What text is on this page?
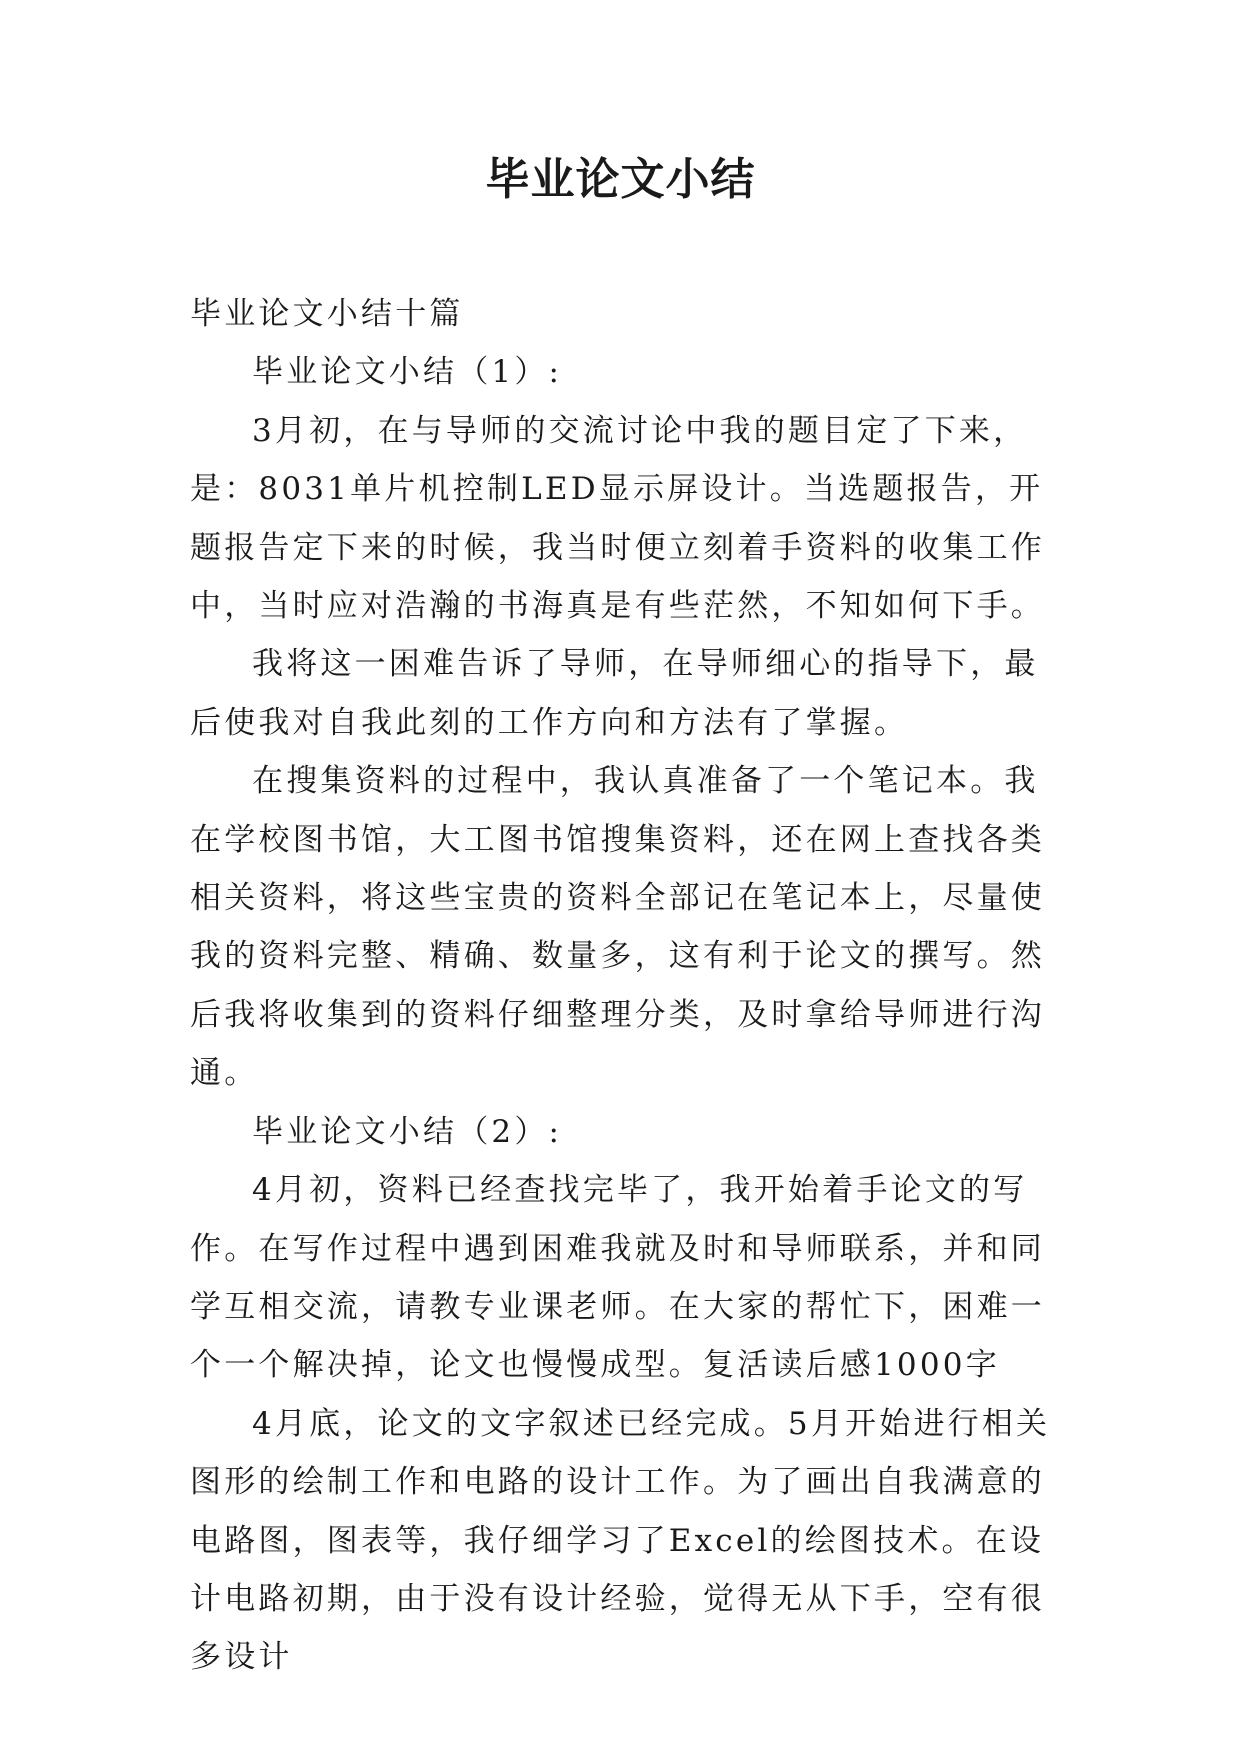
毕业论文小结

毕业论文小结十篇

毕业论文小结（1）:

3月初，在与导师的交流讨论中我的题目定了下来，是：8031单片机控制LED显示屏设计。当选题报告，开题报告定下来的时候，我当时便立刻着手资料的收集工作中，当时应对浩瀚的书海真是有些茫然，不知如何下手。

我将这一困难告诉了导师，在导师细心的指导下，最后使我对自我此刻的工作方向和方法有了掌握。

在搜集资料的过程中，我认真准备了一个笔记本。我在学校图书馆，大工图书馆搜集资料，还在网上查找各类相关资料，将这些宝贵的资料全部记在笔记本上，尽量使我的资料完整、精确、数量多，这有利于论文的撰写。然后我将收集到的资料仔细整理分类，及时拿给导师进行沟通。

毕业论文小结（2）:

4月初，资料已经查找完毕了，我开始着手论文的写作。在写作过程中遇到困难我就及时和导师联系，并和同学互相交流，请教专业课老师。在大家的帮忙下，困难一个一个解决掉，论文也慢慢成型。复活读后感1000字

4月底，论文的文字叙述已经完成。5月开始进行相关图形的绘制工作和电路的设计工作。为了画出自我满意的电路图，图表等，我仔细学习了Excel的绘图技术。在设计电路初期，由于没有设计经验，觉得无从下手，空有很多设计
